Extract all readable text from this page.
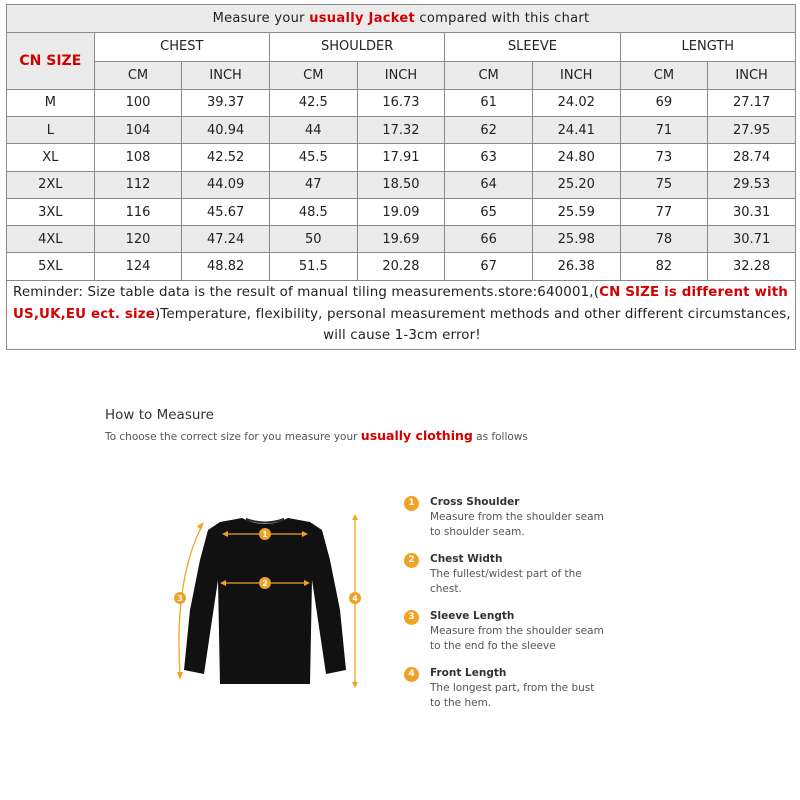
Measure your usually Jacket compared with this chart								
CN SIZE	CHEST		SHOULDER		SLEEVE		LENGTH	
	CM	INCH	CM	INCH	CM	INCH	CM	INCH
M	100	39.37	42.5	16.73	61	24.02	69	27.17
L	104	40.94	44	17.32	62	24.41	71	27.95
XL	108	42.52	45.5	17.91	63	24.80	73	28.74
2XL	112	44.09	47	18.50	64	25.20	75	29.53
3XL	116	45.67	48.5	19.09	65	25.59	77	30.31
4XL	120	47.24	50	19.69	66	25.98	78	30.71
5XL	124	48.82	51.5	20.28	67	26.38	82	32.28
Reminder: Size table data is the result of manual tiling measurements.store:640001,(CN SIZE is different with US,UK,EU ect. size)Temperature, flexibility, personal measurement methods and other different circumstances,
will cause 1-3cm error!								
How to Measure
To choose the correct size for you measure your usually clothing as follows
1
2
3	4
1	Cross Shoulder
Measure from the shoulder seam to shoulder seam.
2	Chest Width
The fullest/widest part of the chest.
3	Sleeve Length
Measure from the shoulder seam to the end fo the sleeve
4	Front Length
The longest part, from the bust to the hem.
